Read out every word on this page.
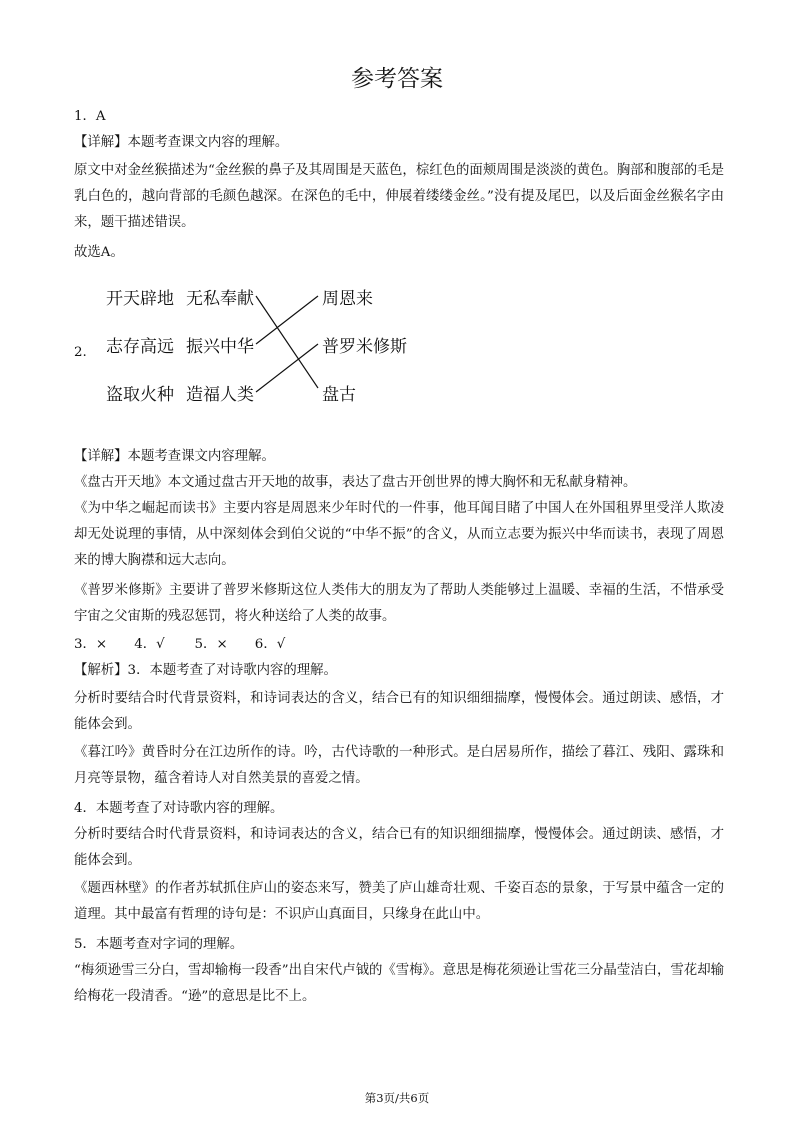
参考答案
1．A
【详解】本题考查课文内容的理解。
原文中对金丝猴描述为“金丝猴的鼻子及其周围是天蓝色，棕红色的面颊周围是淡淡的黄色。胸部和腹部的毛是乳白色的，越向背部的毛颜色越深。在深色的毛中，伸展着缕缕金丝。”没有提及尾巴，以及后面金丝猴名字由来，题干描述错误。
故选A。
2.
开天辟地 无私奉献
志存高远 振兴中华
盗取火种 造福人类
周恩来
普罗米修斯
盘古
【详解】本题考查课文内容理解。
《盘古开天地》本文通过盘古开天地的故事，表达了盘古开创世界的博大胸怀和无私献身精神。
《为中华之崛起而读书》主要内容是周恩来少年时代的一件事，他耳闻目睹了中国人在外国租界里受洋人欺凌却无处说理的事情，从中深刻体会到伯父说的“中华不振”的含义，从而立志要为振兴中华而读书，表现了周恩来的博大胸襟和远大志向。
《普罗米修斯》主要讲了普罗米修斯这位人类伟大的朋友为了帮助人类能够过上温暖、幸福的生活，不惜承受宇宙之父宙斯的残忍惩罚，将火种送给了人类的故事。
3．× 4．√ 5．× 6．√
【解析】3．本题考查了对诗歌内容的理解。
分析时要结合时代背景资料，和诗词表达的含义，结合已有的知识细细揣摩，慢慢体会。通过朗读、感悟，才能体会到。
《暮江吟》黄昏时分在江边所作的诗。吟，古代诗歌的一种形式。是白居易所作，描绘了暮江、残阳、露珠和月亮等景物，蕴含着诗人对自然美景的喜爱之情。
4．本题考查了对诗歌内容的理解。
分析时要结合时代背景资料，和诗词表达的含义，结合已有的知识细细揣摩，慢慢体会。通过朗读、感悟，才能体会到。
《题西林壁》的作者苏轼抓住庐山的姿态来写，赞美了庐山雄奇壮观、千姿百态的景象，于写景中蕴含一定的道理。其中最富有哲理的诗句是：不识庐山真面目，只缘身在此山中。
5．本题考查对字词的理解。
“梅须逊雪三分白，雪却输梅一段香”出自宋代卢钺的《雪梅》。意思是梅花须逊让雪花三分晶莹洁白，雪花却输给梅花一段清香。“逊”的意思是比不上。
第3页/共6页
